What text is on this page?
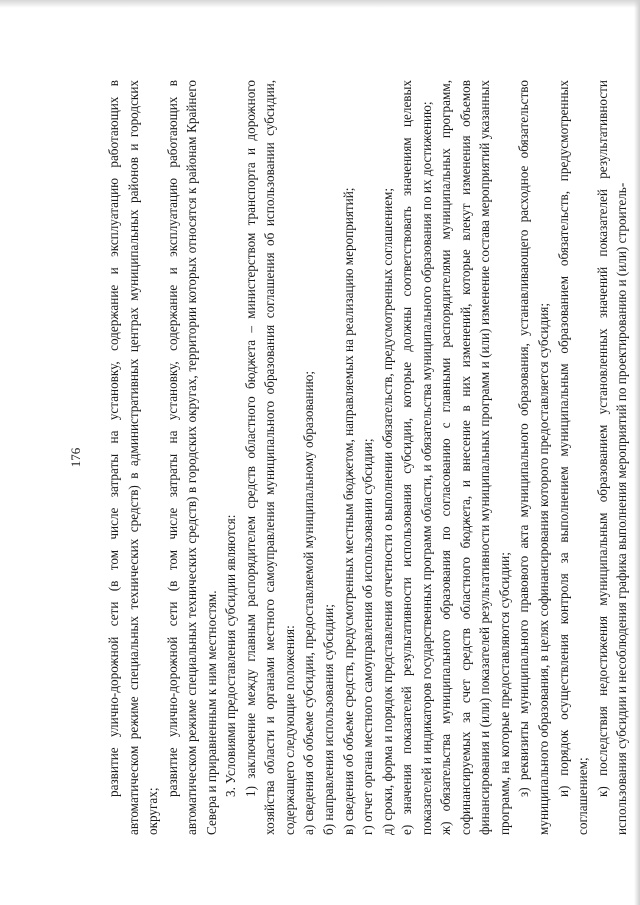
176 развитие улично-дорожной сети (в том числе затраты на установку, содержание и эксплуатацию работающих в автоматическом режиме специальных технических средств) в административных центрах муниципальных районов и городских округах;

развитие улично-дорожной сети (в том числе затраты на установку, содержание и эксплуатацию работающих в автоматическом режиме специальных технических средств) в городских округах, территории которых относятся к районам Крайнего Севера и приравненным к ним местностям. 3. Условиями предоставления субсидии являются: 1) заключение между главным распорядителем средств областного бюджета – министерством транспорта и дорожного хозяйства области и органами местного самоуправления муниципального образования соглашения об использовании субсидии, содержащего следующие положения: а) сведения об объеме субсидии, предоставляемой муниципальному образованию; б) направления использования субсидии; в) сведения об объеме средств, предусмотренных местным бюджетом, направляемых на реализацию мероприятий; г) отчет органа местного самоуправления об использовании субсидии; д) сроки, форма и порядок представления отчетности о выполнении обязательств, предусмотренных соглашением; е) значения показателей результативности использования субсидии, которые должны соответствовать значениям целевых показателей и индикаторов государственных программ области, и обязательства муниципального образования по их достижению; ж) обязательства муниципального образования по согласованию с главными распорядителями муниципальных программ, софинансируемых за счет средств областного бюджета, и внесение в них изменений, которые влекут изменения объемов финансирования и (или) показателей результативности муниципальных программ и (или) изменение состава мероприятий указанных программ, на которые предоставляются субсидии; з) реквизиты муниципального правового акта муниципального образования, устанавливающего расходное обязательство муниципального образования, в целях софинансирования которого предоставляется субсидия; и) порядок осуществления контроля за выполнением муниципальным образованием обязательств, предусмотренных соглашением; к) последствия недостижения муниципальным образованием установленных значений показателей результативности использования субсидии и несоблюдения графика выполнения мероприятий по проектированию и (или) строитель-
